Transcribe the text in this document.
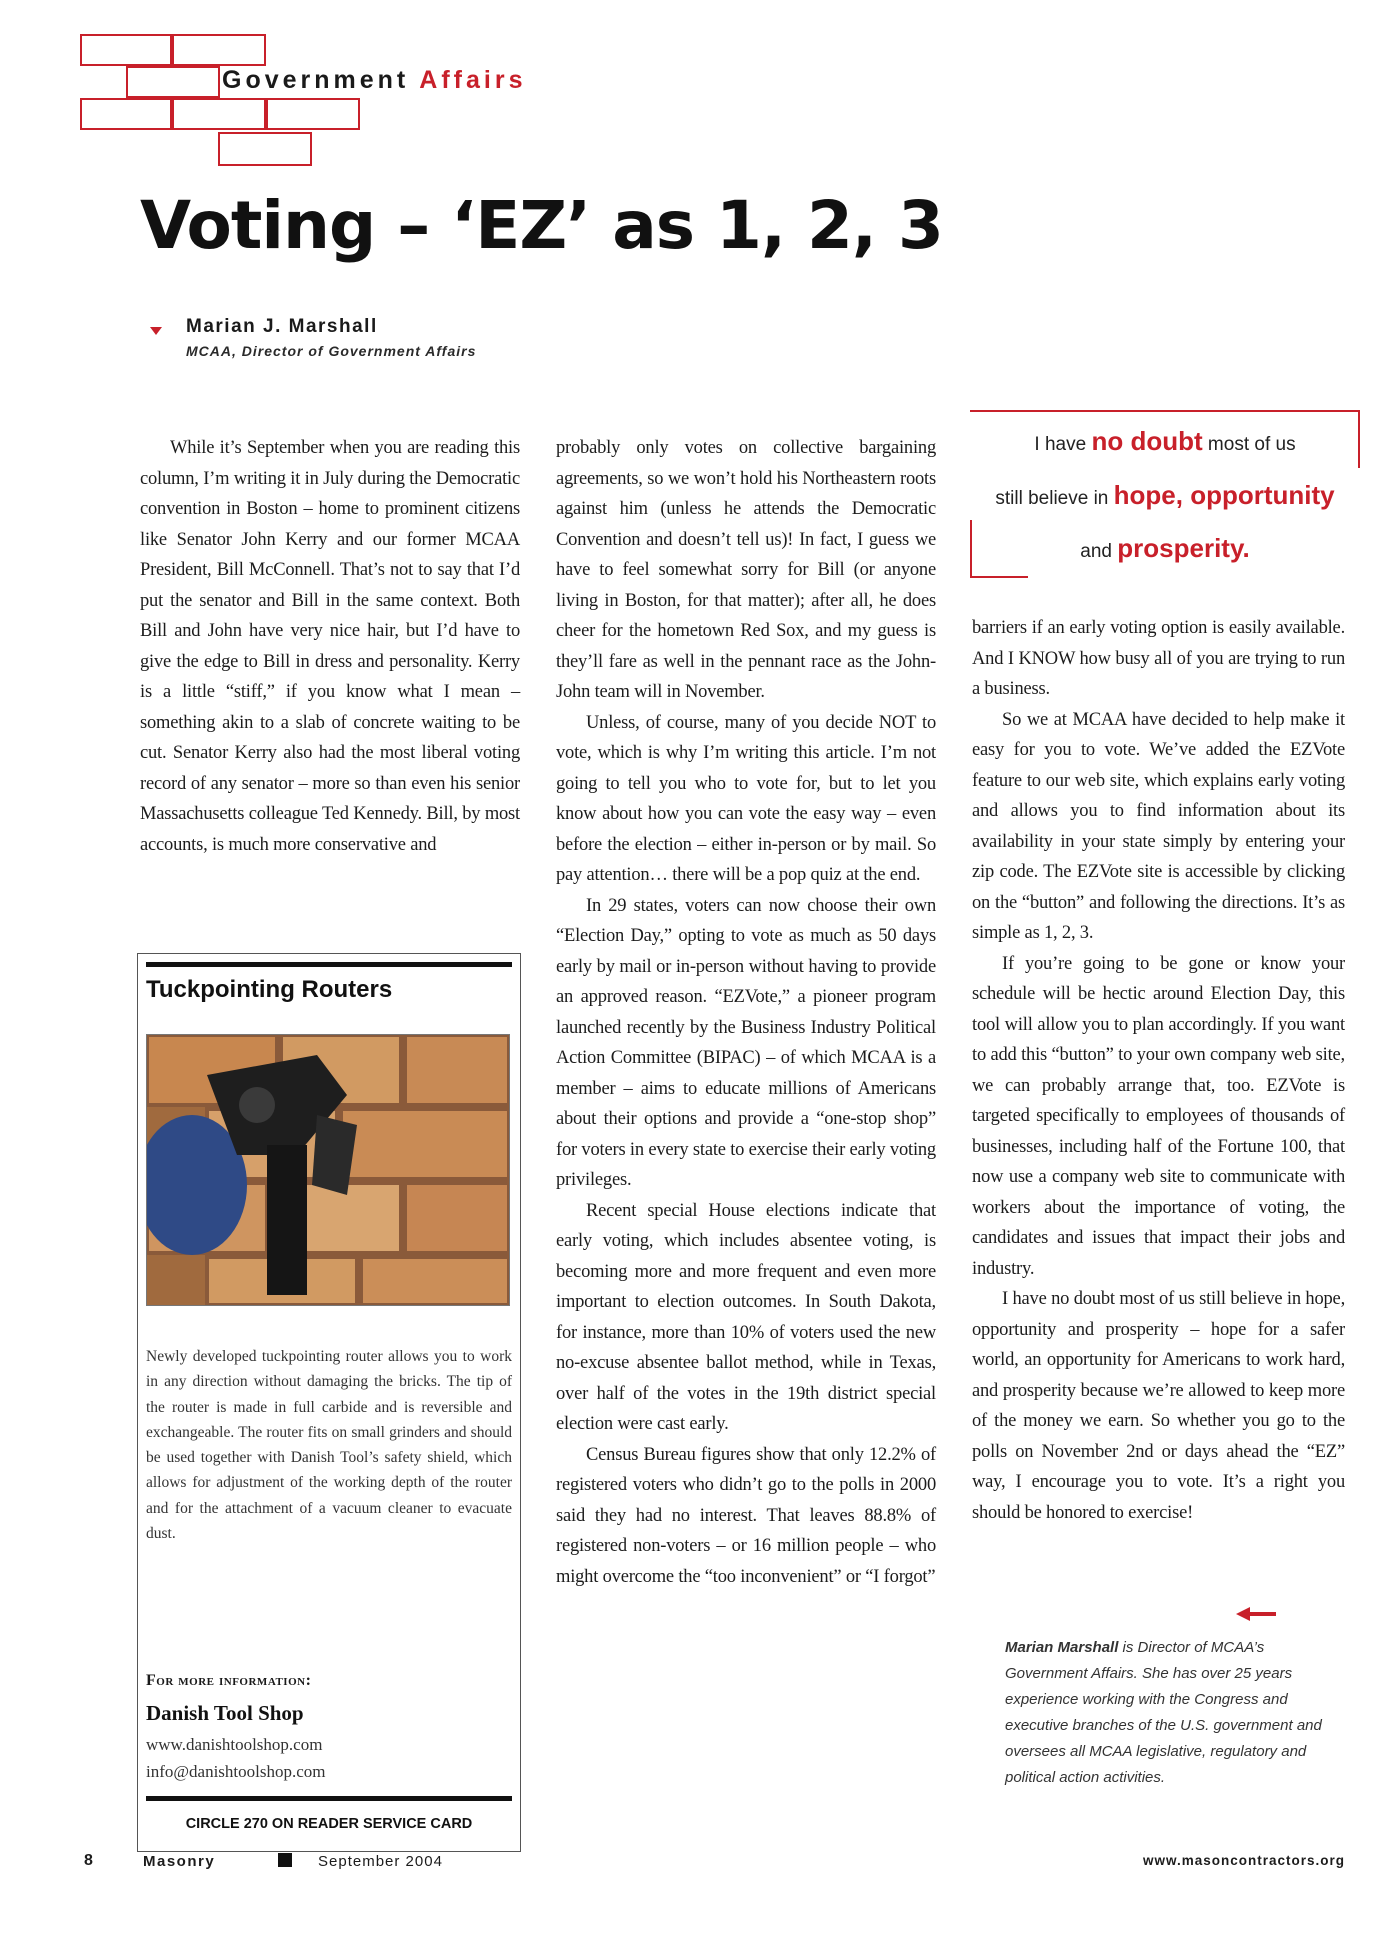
Government Affairs
Voting – ‘EZ’ as 1, 2, 3
Marian J. Marshall
MCAA, Director of Government Affairs

While it’s September when you are reading this column, I’m writing it in July during the Democratic convention in Boston – home to prominent citizens like Senator John Kerry and our former MCAA President, Bill McConnell. That’s not to say that I’d put the senator and Bill in the same context. Both Bill and John have very nice hair, but I’d have to give the edge to Bill in dress and personality. Kerry is a little “stiff,” if you know what I mean – something akin to a slab of concrete waiting to be cut. Senator Kerry also had the most liberal voting record of any senator – more so than even his senior Massachusetts colleague Ted Kennedy. Bill, by most accounts, is much more conservative and

probably only votes on collective bargaining agreements, so we won’t hold his Northeastern roots against him (unless he attends the Democratic Convention and doesn’t tell us)! In fact, I guess we have to feel somewhat sorry for Bill (or anyone living in Boston, for that matter); after all, he does cheer for the hometown Red Sox, and my guess is they’ll fare as well in the pennant race as the John-John team will in November.

Unless, of course, many of you decide NOT to vote, which is why I’m writing this article. I’m not going to tell you who to vote for, but to let you know about how you can vote the easy way – even before the election – either in-person or by mail. So pay attention… there will be a pop quiz at the end.

In 29 states, voters can now choose their own “Election Day,” opting to vote as much as 50 days early by mail or in-person without having to provide an approved reason. “EZVote,” a pioneer program launched recently by the Business Industry Political Action Committee (BIPAC) – of which MCAA is a member – aims to educate millions of Americans about their options and provide a “one-stop shop” for voters in every state to exercise their early voting privileges.

Recent special House elections indicate that early voting, which includes absentee voting, is becoming more and more frequent and even more important to election outcomes. In South Dakota, for instance, more than 10% of voters used the new no-excuse absentee ballot method, while in Texas, over half of the votes in the 19th district special election were cast early.

Census Bureau figures show that only 12.2% of registered voters who didn’t go to the polls in 2000 said they had no interest. That leaves 88.8% of registered non-voters – or 16 million people – who might overcome the “too inconvenient” or “I forgot”

I have no doubt most of us
still believe in hope, opportunity
and prosperity.

barriers if an early voting option is easily available. And I KNOW how busy all of you are trying to run a business.

So we at MCAA have decided to help make it easy for you to vote. We’ve added the EZVote feature to our web site, which explains early voting and allows you to find information about its availability in your state simply by entering your zip code. The EZVote site is accessible by clicking on the “button” and following the directions. It’s as simple as 1, 2, 3.

If you’re going to be gone or know your schedule will be hectic around Election Day, this tool will allow you to plan accordingly. If you want to add this “button” to your own company web site, we can probably arrange that, too. EZVote is targeted specifically to employees of thousands of businesses, including half of the Fortune 100, that now use a company web site to communicate with workers about the importance of voting, the candidates and issues that impact their jobs and industry.

I have no doubt most of us still believe in hope, opportunity and prosperity – hope for a safer world, an opportunity for Americans to work hard, and prosperity because we’re allowed to keep more of the money we earn. So whether you go to the polls on November 2nd or days ahead the “EZ” way, I encourage you to vote. It’s a right you should be honored to exercise!

Marian Marshall is Director of MCAA’s Government Affairs. She has over 25 years experience working with the Congress and executive branches of the U.S. government and oversees all MCAA legislative, regulatory and political action activities.

Tuckpointing Routers

Newly developed tuckpointing router allows you to work in any direction without damaging the bricks. The tip of the router is made in full carbide and is reversible and exchangeable. The router fits on small grinders and should be used together with Danish Tool’s safety shield, which allows for adjustment of the working depth of the router and for the attachment of a vacuum cleaner to evacuate dust.

For more information:
Danish Tool Shop
www.danishtoolshop.com
info@danishtoolshop.com
CIRCLE 270 ON READER SERVICE CARD
8	Masonry	September 2004	www.masoncontractors.org
